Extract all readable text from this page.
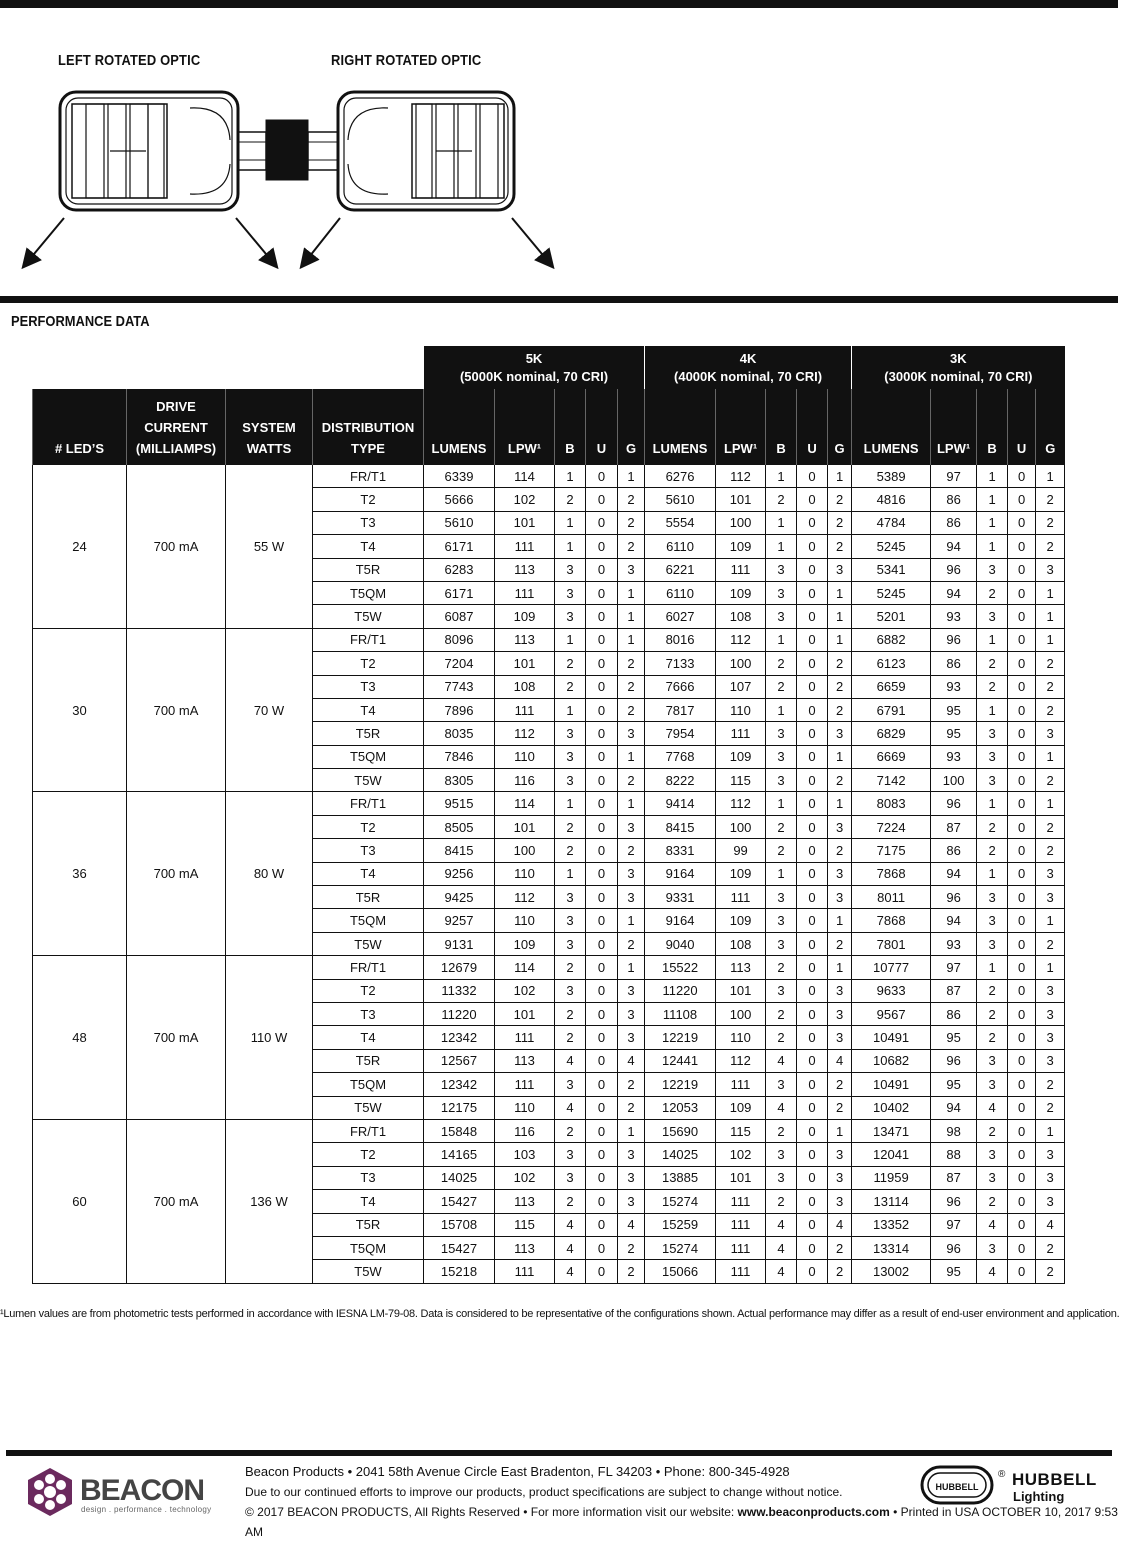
LEFT ROTATED OPTIC	RIGHT ROTATED OPTIC
PERFORMANCE DATA
				5K
(5000K nominal, 70 CRI)					4K
(4000K nominal, 70 CRI)					3K
(3000K nominal, 70 CRI)				
# LED’S	DRIVE
CURRENT
(MILLIAMPS)	SYSTEM
WATTS	DISTRIBUTION
TYPE	LUMENS	LPW¹	B	U	G	LUMENS	LPW¹	B	U	G	LUMENS	LPW¹	B	U	G
24	700 mA	55 W	FR/T1	6339	114	1	0	1	6276	112	1	0	1	5389	97	1	0	1
			T2	5666	102	2	0	2	5610	101	2	0	2	4816	86	1	0	2
			T3	5610	101	1	0	2	5554	100	1	0	2	4784	86	1	0	2
			T4	6171	111	1	0	2	6110	109	1	0	2	5245	94	1	0	2
			T5R	6283	113	3	0	3	6221	111	3	0	3	5341	96	3	0	3
			T5QM	6171	111	3	0	1	6110	109	3	0	1	5245	94	2	0	1
			T5W	6087	109	3	0	1	6027	108	3	0	1	5201	93	3	0	1
30	700 mA	70 W	FR/T1	8096	113	1	0	1	8016	112	1	0	1	6882	96	1	0	1
			T2	7204	101	2	0	2	7133	100	2	0	2	6123	86	2	0	2
			T3	7743	108	2	0	2	7666	107	2	0	2	6659	93	2	0	2
			T4	7896	111	1	0	2	7817	110	1	0	2	6791	95	1	0	2
			T5R	8035	112	3	0	3	7954	111	3	0	3	6829	95	3	0	3
			T5QM	7846	110	3	0	1	7768	109	3	0	1	6669	93	3	0	1
			T5W	8305	116	3	0	2	8222	115	3	0	2	7142	100	3	0	2
36	700 mA	80 W	FR/T1	9515	114	1	0	1	9414	112	1	0	1	8083	96	1	0	1
			T2	8505	101	2	0	3	8415	100	2	0	3	7224	87	2	0	2
			T3	8415	100	2	0	2	8331	99	2	0	2	7175	86	2	0	2
			T4	9256	110	1	0	3	9164	109	1	0	3	7868	94	1	0	3
			T5R	9425	112	3	0	3	9331	111	3	0	3	8011	96	3	0	3
			T5QM	9257	110	3	0	1	9164	109	3	0	1	7868	94	3	0	1
			T5W	9131	109	3	0	2	9040	108	3	0	2	7801	93	3	0	2
48	700 mA	110 W	FR/T1	12679	114	2	0	1	15522	113	2	0	1	10777	97	1	0	1
			T2	11332	102	3	0	3	11220	101	3	0	3	9633	87	2	0	3
			T3	11220	101	2	0	3	11108	100	2	0	3	9567	86	2	0	3
			T4	12342	111	2	0	3	12219	110	2	0	3	10491	95	2	0	3
			T5R	12567	113	4	0	4	12441	112	4	0	4	10682	96	3	0	3
			T5QM	12342	111	3	0	2	12219	111	3	0	2	10491	95	3	0	2
			T5W	12175	110	4	0	2	12053	109	4	0	2	10402	94	4	0	2
60	700 mA	136 W	FR/T1	15848	116	2	0	1	15690	115	2	0	1	13471	98	2	0	1
			T2	14165	103	3	0	3	14025	102	3	0	3	12041	88	3	0	3
			T3	14025	102	3	0	3	13885	101	3	0	3	11959	87	3	0	3
			T4	15427	113	2	0	3	15274	111	2	0	3	13114	96	2	0	3
			T5R	15708	115	4	0	4	15259	111	4	0	4	13352	97	4	0	4
			T5QM	15427	113	4	0	2	15274	111	4	0	2	13314	96	3	0	2
			T5W	15218	111	4	0	2	15066	111	4	0	2	13002	95	4	0	2
¹Lumen values are from photometric tests performed in accordance with IESNA LM-79-08. Data is considered to be representative of the configurations shown. Actual performance may differ as a result of end-user environment and application.
BEACON
design . performance . technology
Beacon Products • 2041 58th Avenue Circle East Bradenton, FL 34203 • Phone: 800-345-4928
Due to our continued efforts to improve our products, product specifications are subject to change without notice.
© 2017 BEACON PRODUCTS, All Rights Reserved • For more information visit our website: www.beaconproducts.com • Printed in USA OCTOBER 10, 2017 9:53 AM
HUBBELL
® HUBBELL
Lighting
